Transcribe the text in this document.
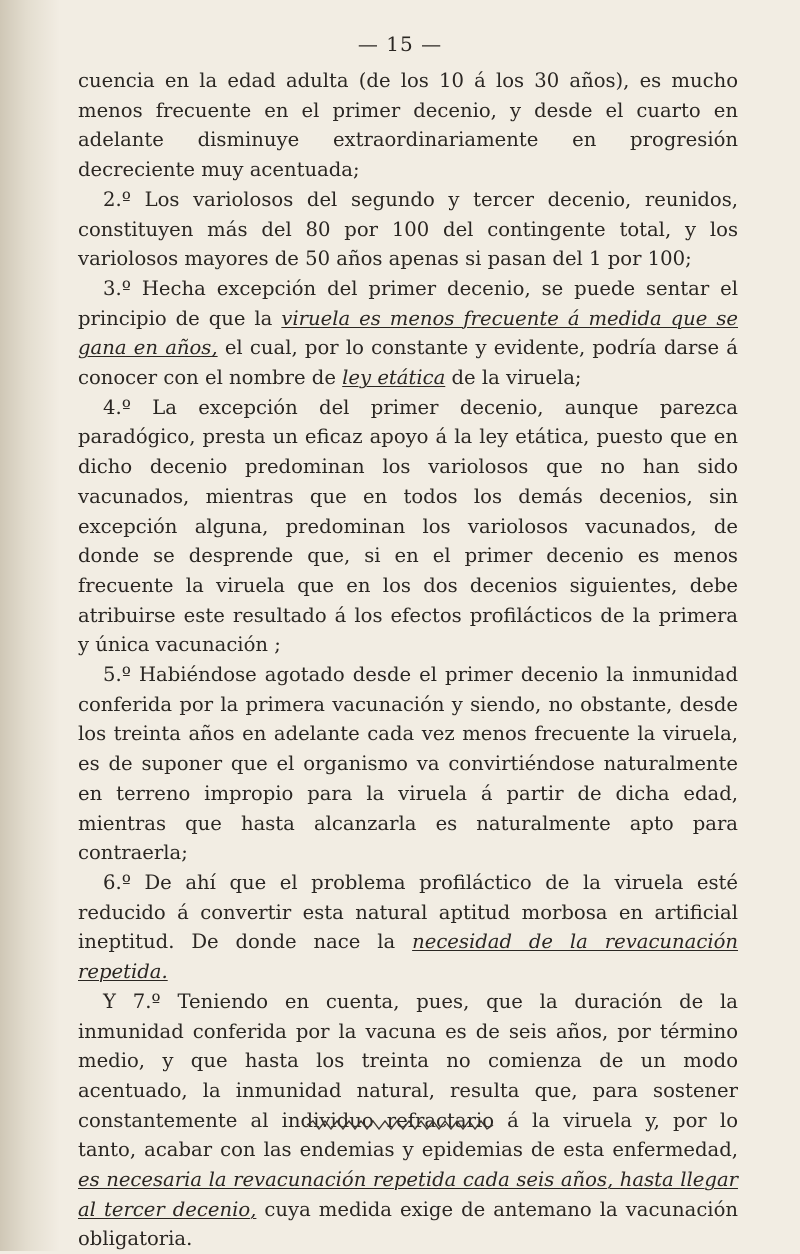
— 15 —

cuencia en la edad adulta (de los 10 á los 30 años), es mucho menos frecuente en el primer decenio, y desde el cuarto en adelante disminuye extraordinariamente en progresión decreciente muy acentuada;

2.º Los variolosos del segundo y tercer decenio, reunidos, constituyen más del 80 por 100 del contingente total, y los variolosos mayores de 50 años apenas si pasan del 1 por 100;

3.º Hecha excepción del primer decenio, se puede sentar el principio de que la viruela es menos frecuente á medida que se gana en años, el cual, por lo constante y evidente, podría darse á conocer con el nombre de ley etática de la viruela;

4.º La excepción del primer decenio, aunque parezca paradógico, presta un eficaz apoyo á la ley etática, puesto que en dicho decenio predominan los variolosos que no han sido vacunados, mientras que en todos los demás decenios, sin excepción alguna, predominan los variolosos vacunados, de donde se desprende que, si en el primer decenio es menos frecuente la viruela que en los dos decenios siguientes, debe atribuirse este resultado á los efectos profilácticos de la primera y única vacunación ;

5.º Habiéndose agotado desde el primer decenio la inmunidad conferida por la primera vacunación y siendo, no obstante, desde los treinta años en adelante cada vez menos frecuente la viruela, es de suponer que el organismo va convirtiéndose naturalmente en terreno impropio para la viruela á partir de dicha edad, mientras que hasta alcanzarla es naturalmente apto para contraerla;

6.º De ahí que el problema profiláctico de la viruela esté reducido á convertir esta natural aptitud morbosa en artificial ineptitud. De donde nace la necesidad de la revacunación repetida.

Y 7.º Teniendo en cuenta, pues, que la duración de la inmunidad conferida por la vacuna es de seis años, por término medio, y que hasta los treinta no comienza de un modo acentuado, la inmunidad natural, resulta que, para sostener constantemente al individuo refractario á la viruela y, por lo tanto, acabar con las endemias y epidemias de esta enfermedad, es necesaria la revacunación repetida cada seis años, hasta llegar al tercer decenio, cuya medida exige de antemano la vacunación obligatoria.
